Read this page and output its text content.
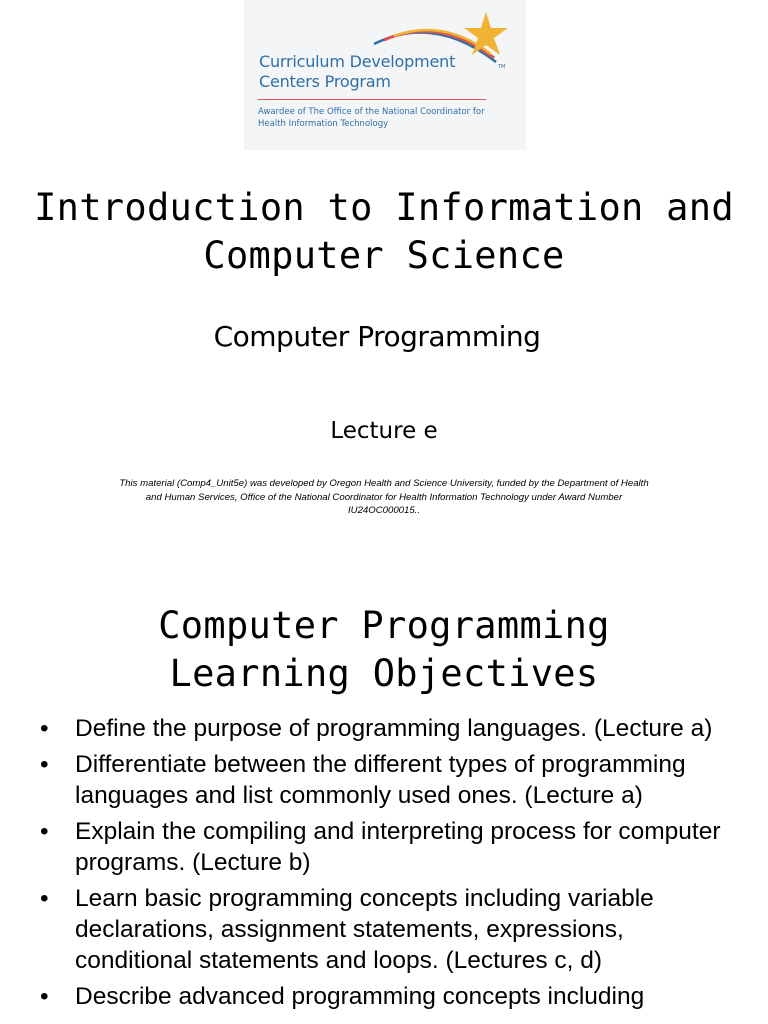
Curriculum Development
Centers Program
TM
Awardee of The Office of the National Coordinator for
Health Information Technology
Introduction to Information and
Computer Science
Computer Programming
Lecture e
This material (Comp4_Unit5e) was developed by Oregon Health and Science University, funded by the Department of Health
and Human Services, Office of the National Coordinator for Health Information Technology under Award Number
IU24OC000015..
Computer Programming
Learning Objectives
• Define the purpose of programming languages. (Lecture a)
• Differentiate between the different types of programming languages and list commonly used ones. (Lecture a)
• Explain the compiling and interpreting process for computer programs. (Lecture b)
• Learn basic programming concepts including variable declarations, assignment statements, expressions, conditional statements and loops. (Lectures c, d)
• Describe advanced programming concepts including
